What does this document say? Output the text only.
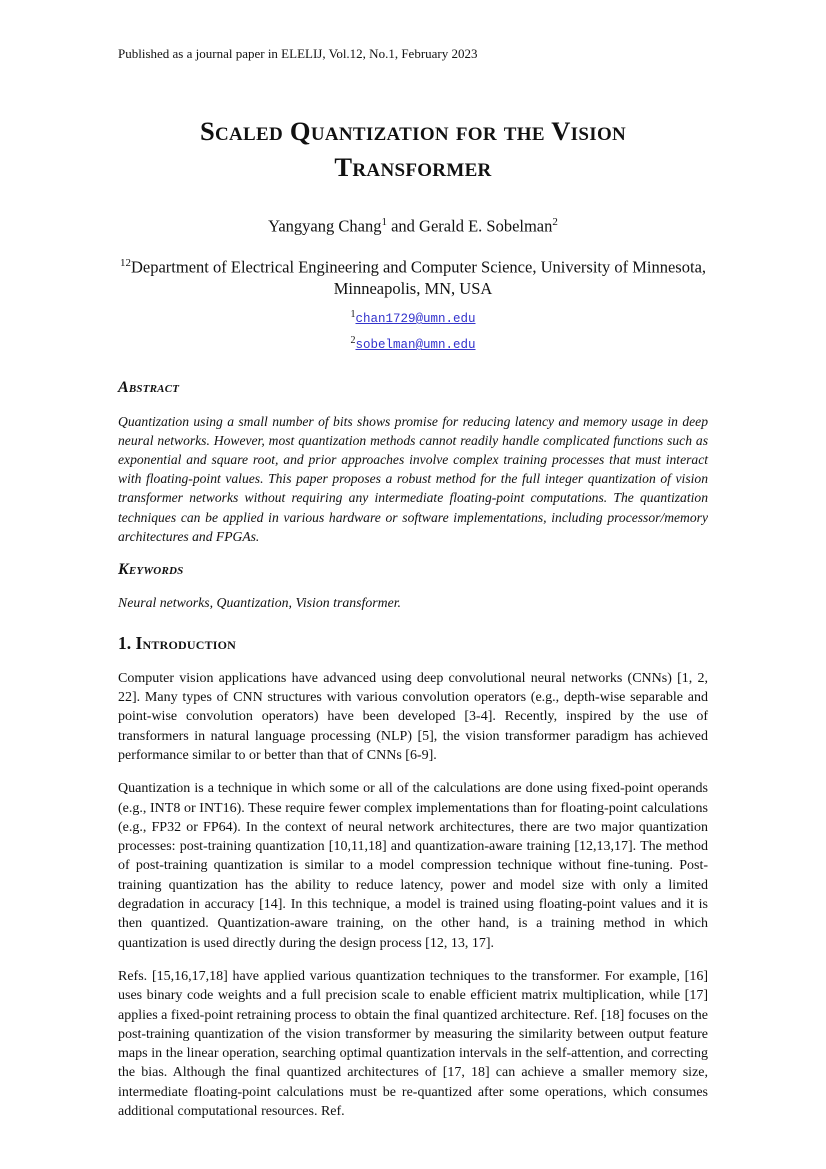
Published as a journal paper in ELELIJ, Vol.12, No.1, February 2023
Scaled Quantization for the Vision Transformer
Yangyang Chang$^1$ and Gerald E. Sobelman$^2$
$^{12}$Department of Electrical Engineering and Computer Science, University of Minnesota, Minneapolis, MN, USA
$^1$chan1729@umn.edu
$^2$sobelman@umn.edu
Abstract

Quantization using a small number of bits shows promise for reducing latency and memory usage in deep neural networks. However, most quantization methods cannot readily handle complicated functions such as exponential and square root, and prior approaches involve complex training processes that must interact with floating-point values. This paper proposes a robust method for the full integer quantization of vision transformer networks without requiring any intermediate floating-point computations. The quantization techniques can be applied in various hardware or software implementations, including processor/memory architectures and FPGAs.

Keywords

Neural networks, Quantization, Vision transformer.

1. Introduction

Computer vision applications have advanced using deep convolutional neural networks (CNNs) [1, 2, 22]. Many types of CNN structures with various convolution operators (e.g., depth-wise separable and point-wise convolution operators) have been developed [3-4]. Recently, inspired by the use of transformers in natural language processing (NLP) [5], the vision transformer paradigm has achieved performance similar to or better than that of CNNs [6-9].

Quantization is a technique in which some or all of the calculations are done using fixed-point operands (e.g., INT8 or INT16). These require fewer complex implementations than for floating-point calculations (e.g., FP32 or FP64). In the context of neural network architectures, there are two major quantization processes: post-training quantization [10,11,18] and quantization-aware training [12,13,17]. The method of post-training quantization is similar to a model compression technique without fine-tuning. Post-training quantization has the ability to reduce latency, power and model size with only a limited degradation in accuracy [14]. In this technique, a model is trained using floating-point values and it is then quantized. Quantization-aware training, on the other hand, is a training method in which quantization is used directly during the design process [12, 13, 17].

Refs. [15,16,17,18] have applied various quantization techniques to the transformer. For example, [16] uses binary code weights and a full precision scale to enable efficient matrix multiplication, while [17] applies a fixed-point retraining process to obtain the final quantized architecture. Ref. [18] focuses on the post-training quantization of the vision transformer by measuring the similarity between output feature maps in the linear operation, searching optimal quantization intervals in the self-attention, and correcting the bias. Although the final quantized architectures of [17, 18] can achieve a smaller memory size, intermediate floating-point calculations must be re-quantized after some operations, which consumes additional computational resources. Ref.
